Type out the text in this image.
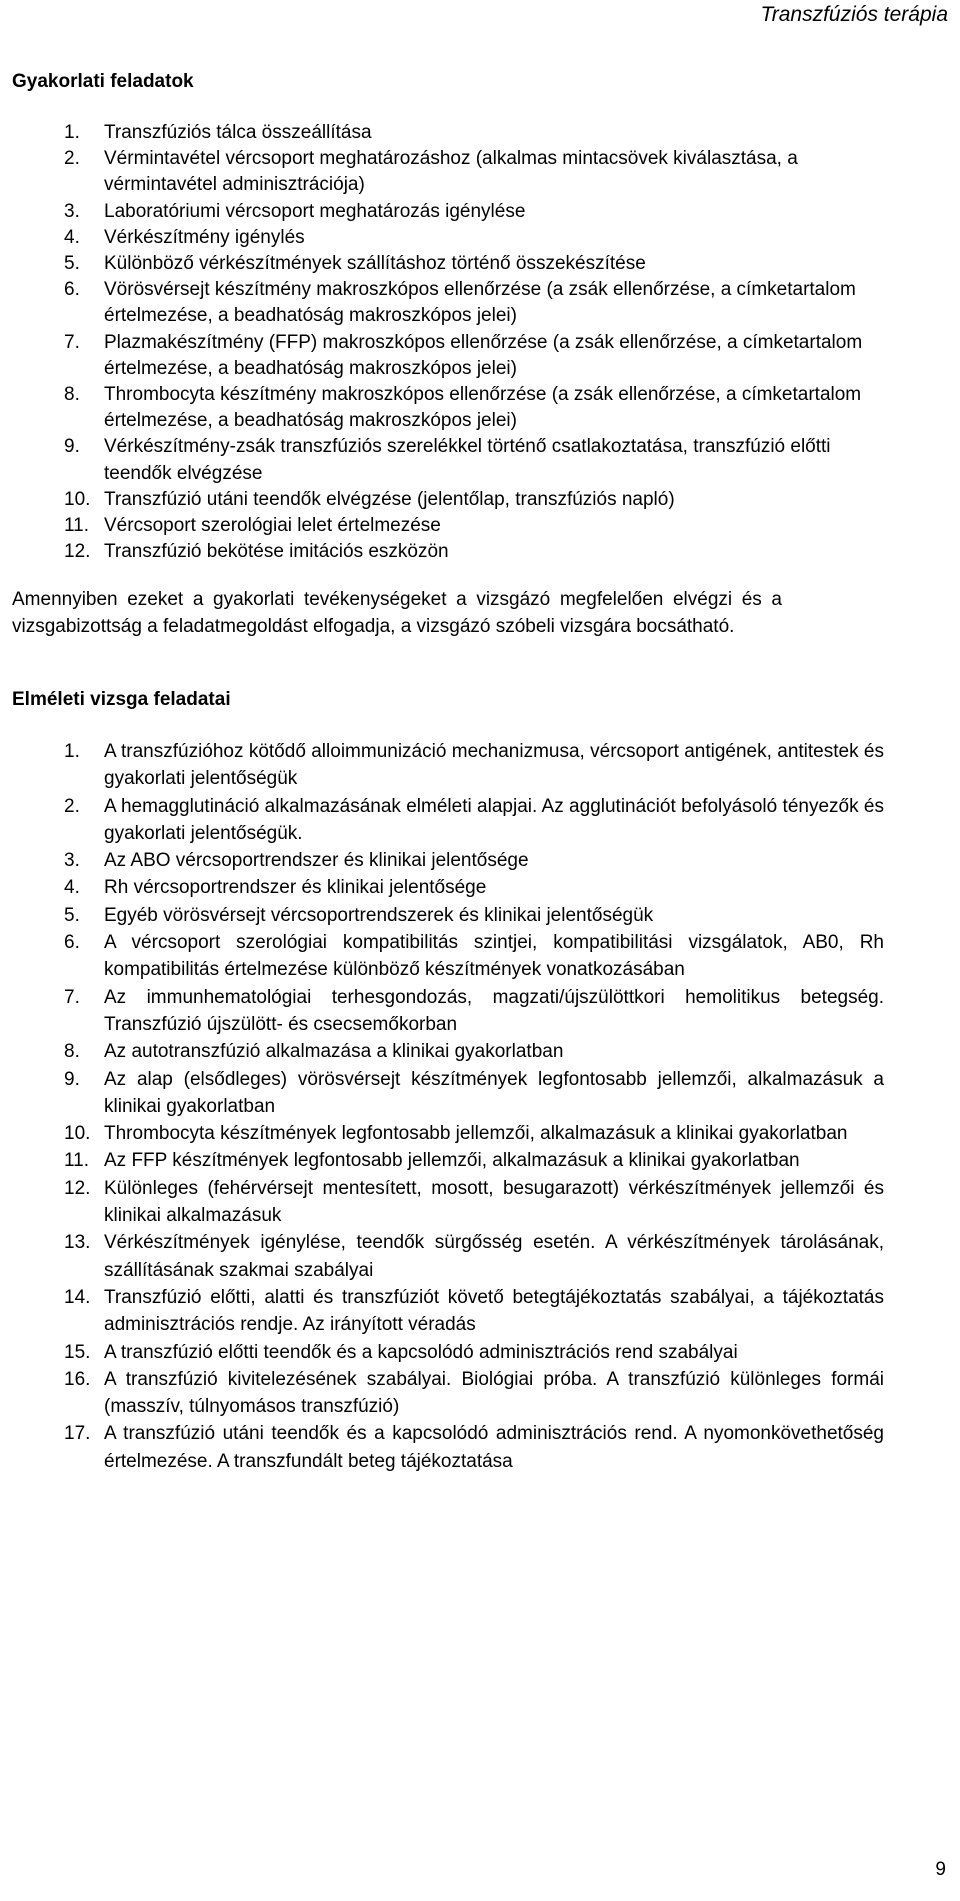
Transzfúziós terápia
Gyakorlati feladatok
1.	Transzfúziós tálca összeállítása
2.	Vérmintavétel vércsoport meghatározáshoz (alkalmas mintacsövek kiválasztása, a vérmintavétel adminisztrációja)
3.	Laboratóriumi vércsoport meghatározás igénylése
4.	Vérkészítmény igénylés
5.	Különböző vérkészítmények szállításhoz történő összekészítése
6.	Vörösvérsejt készítmény makroszkópos ellenőrzése (a zsák ellenőrzése, a címketartalom értelmezése, a beadhatóság makroszkópos jelei)
7.	Plazmakészítmény (FFP) makroszkópos ellenőrzése (a zsák ellenőrzése, a címketartalom értelmezése, a beadhatóság makroszkópos jelei)
8.	Thrombocyta készítmény makroszkópos ellenőrzése (a zsák ellenőrzése, a címketartalom értelmezése, a beadhatóság makroszkópos jelei)
9.	Vérkészítmény-zsák transzfúziós szerelékkel történő csatlakoztatása, transzfúzió előtti teendők elvégzése
10. Transzfúzió utáni teendők elvégzése (jelentőlap, transzfúziós napló)
11. Vércsoport szerológiai lelet értelmezése
12. Transzfúzió bekötése imitációs eszközön

Amennyiben ezeket a gyakorlati tevékenységeket a vizsgázó megfelelően elvégzi és a vizsgabizottság a feladatmegoldást elfogadja, a vizsgázó szóbeli vizsgára bocsátható.

Elméleti vizsga feladatai
1.	A transzfúzióhoz kötődő alloimmunizáció mechanizmusa, vércsoport antigének, antitestek és gyakorlati jelentőségük
2.	A hemagglutináció alkalmazásának elméleti alapjai. Az agglutinációt befolyásoló tényezők és gyakorlati jelentőségük.
3.	Az ABO vércsoportrendszer és klinikai jelentősége
4.	Rh vércsoportrendszer és klinikai jelentősége
5.	Egyéb vörösvérsejt vércsoportrendszerek és klinikai jelentőségük
6.	A vércsoport szerológiai kompatibilitás szintjei, kompatibilitási vizsgálatok, AB0, Rh kompatibilitás értelmezése különböző készítmények vonatkozásában
7.	Az immunhematológiai terhesgondozás, magzati/újszülöttkori hemolitikus betegség. Transzfúzió újszülött- és csecsemőkorban
8.	Az autotranszfúzió alkalmazása a klinikai gyakorlatban
9.	Az alap (elsődleges) vörösvérsejt készítmények legfontosabb jellemzői, alkalmazásuk a klinikai gyakorlatban
10. Thrombocyta készítmények legfontosabb jellemzői, alkalmazásuk a klinikai gyakorlatban
11. Az FFP készítmények legfontosabb jellemzői, alkalmazásuk a klinikai gyakorlatban
12. Különleges (fehérvérsejt mentesített, mosott, besugarazott) vérkészítmények jellemzői és klinikai alkalmazásuk
13. Vérkészítmények igénylése, teendők sürgősség esetén. A vérkészítmények tárolásának, szállításának szakmai szabályai
14. Transzfúzió előtti, alatti és transzfúziót követő betegtájékoztatás szabályai, a tájékoztatás adminisztrációs rendje. Az irányított véradás
15. A transzfúzió előtti teendők és a kapcsolódó adminisztrációs rend szabályai
16. A transzfúzió kivitelezésének szabályai. Biológiai próba. A transzfúzió különleges formái (masszív, túlnyomásos transzfúzió)
17. A transzfúzió utáni teendők és a kapcsolódó adminisztrációs rend. A nyomonkövethetőség értelmezése. A transzfundált beteg tájékoztatása
9
